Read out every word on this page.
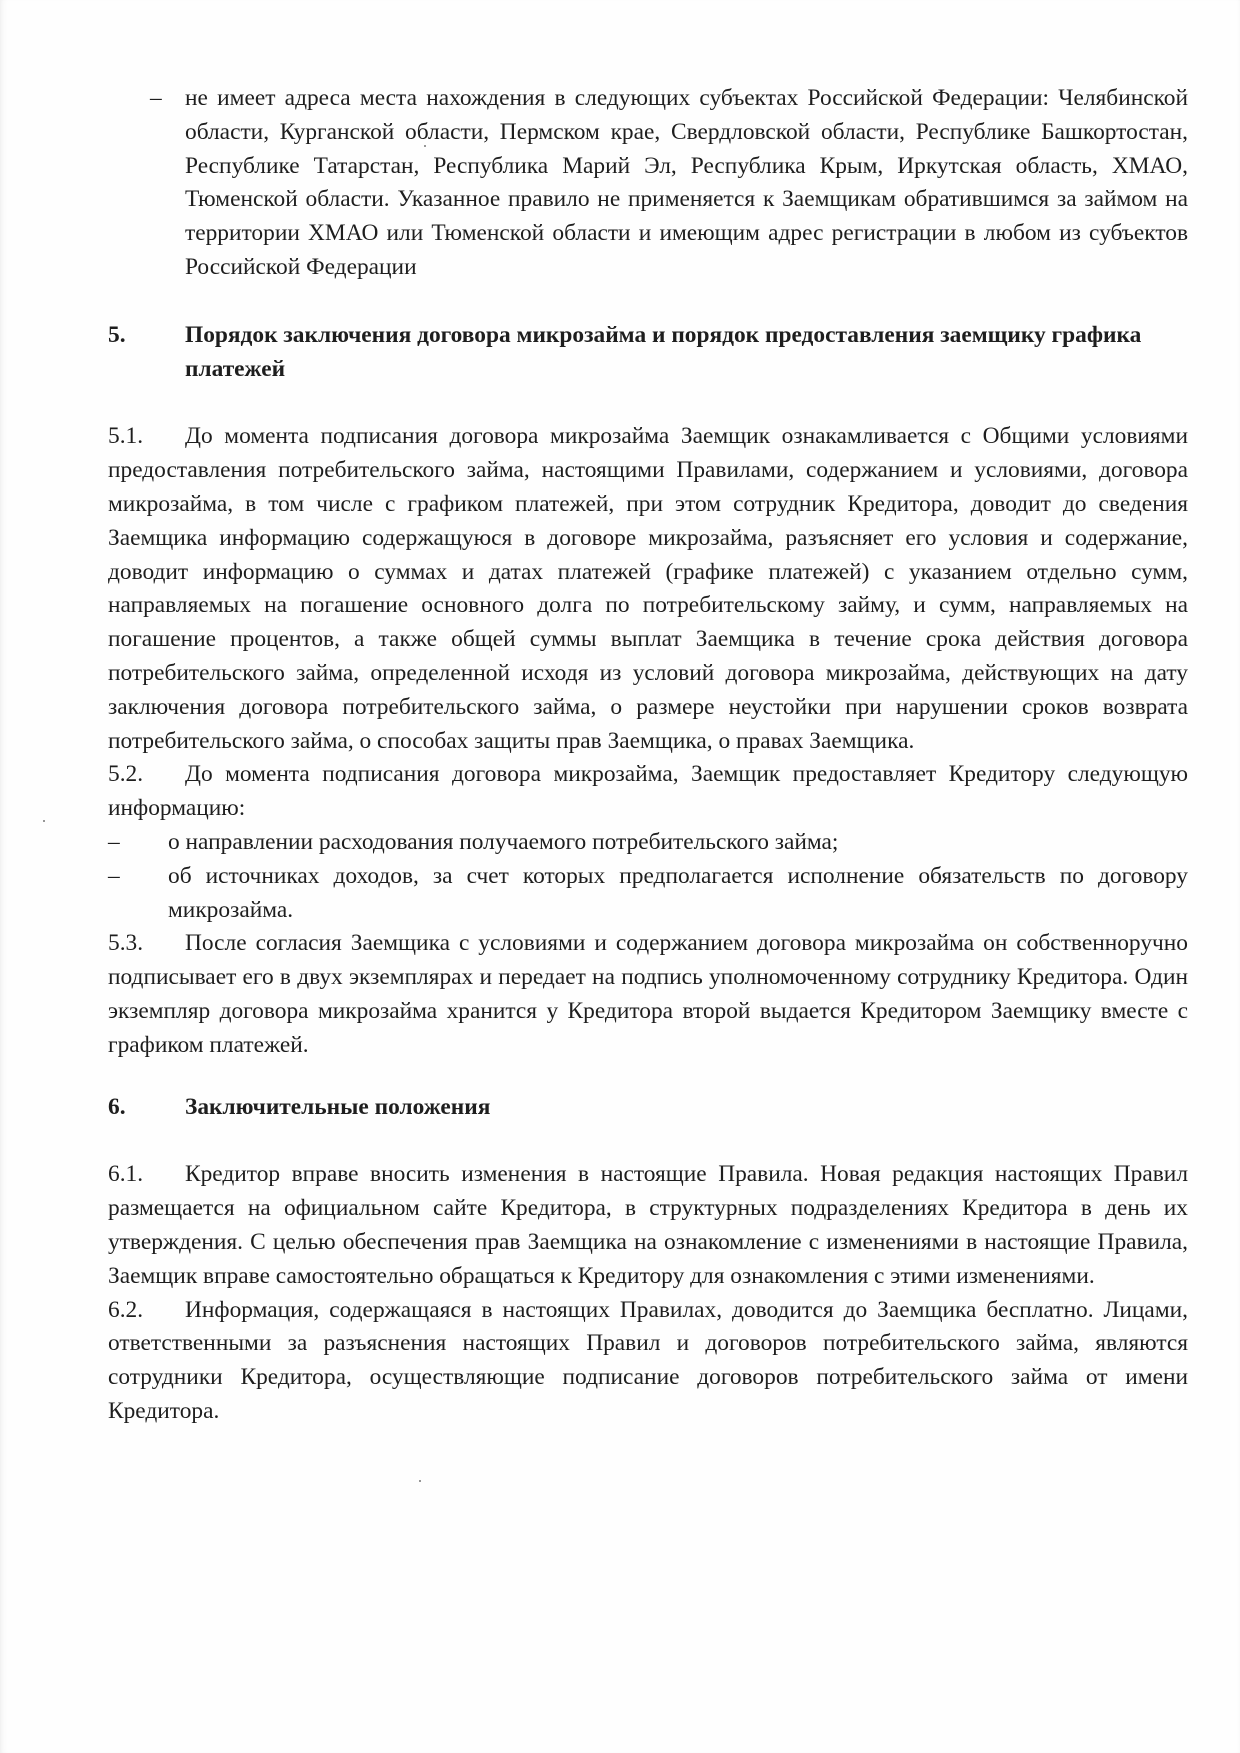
– не имеет адреса места нахождения в следующих субъектах Российской Федерации: Челябинской области, Курганской области, Пермском крае, Свердловской области, Республике Башкортостан, Республике Татарстан, Республика Марий Эл, Республика Крым, Иркутская область, ХМАО, Тюменской области. Указанное правило не применяется к Заемщикам обратившимся за займом на территории ХМАО или Тюменской области и имеющим адрес регистрации в любом из субъектов Российской Федерации

5.	Порядок заключения договора микрозайма и порядок предоставления заемщику графика платежей

5.1. До момента подписания договора микрозайма Заемщик ознакамливается с Общими условиями предоставления потребительского займа, настоящими Правилами, содержанием и условиями, договора микрозайма, в том числе с графиком платежей, при этом сотрудник Кредитора, доводит до сведения Заемщика информацию содержащуюся в договоре микрозайма, разъясняет его условия и содержание, доводит информацию о суммах и датах платежей (графике платежей) с указанием отдельно сумм, направляемых на погашение основного долга по потребительскому займу, и сумм, направляемых на погашение процентов, а также общей суммы выплат Заемщика в течение срока действия договора потребительского займа, определенной исходя из условий договора микрозайма, действующих на дату заключения договора потребительского займа, о размере неустойки при нарушении сроков возврата потребительского займа, о способах защиты прав Заемщика, о правах Заемщика.

5.2. До момента подписания договора микрозайма, Заемщик предоставляет Кредитору следующую информацию:

– о направлении расходования получаемого потребительского займа;

– об источниках доходов, за счет которых предполагается исполнение обязательств по договору микрозайма.

5.3. После согласия Заемщика с условиями и содержанием договора микрозайма он собственноручно подписывает его в двух экземплярах и передает на подпись уполномоченному сотруднику Кредитора. Один экземпляр договора микрозайма хранится у Кредитора второй выдается Кредитором Заемщику вместе с графиком платежей.

6.	Заключительные положения

6.1. Кредитор вправе вносить изменения в настоящие Правила. Новая редакция настоящих Правил размещается на официальном сайте Кредитора, в структурных подразделениях Кредитора в день их утверждения. С целью обеспечения прав Заемщика на ознакомление с изменениями в настоящие Правила, Заемщик вправе самостоятельно обращаться к Кредитору для ознакомления с этими изменениями.

6.2. Информация, содержащаяся в настоящих Правилах, доводится до Заемщика бесплатно. Лицами, ответственными за разъяснения настоящих Правил и договоров потребительского займа, являются сотрудники Кредитора, осуществляющие подписание договоров потребительского займа от имени Кредитора.
